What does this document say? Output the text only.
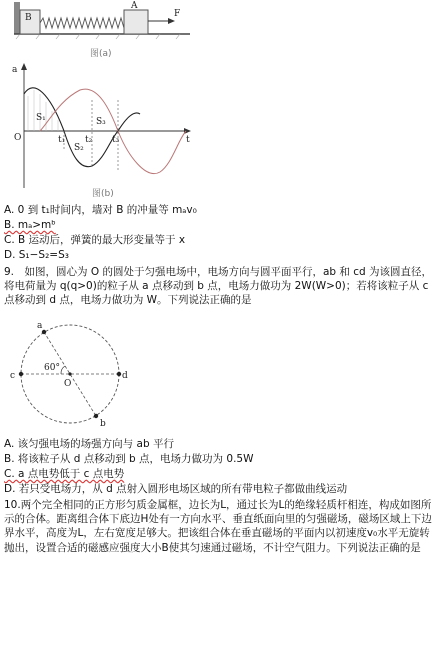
B
A
F
图(a)
a
t
O
S₁
S₂
S₃
t₁ t₂ t₃
图(b)
A. 0 到 t₁时间内，墙对 B 的冲量等 mₐv₀
B. mₐ>mᵇ
C. B 运动后，弹簧的最大形变量等于 x
D. S₁−S₂=S₃
9.　如图，圆心为 O 的圆处于匀强电场中，电场方向与圆平面平行，ab 和 cd 为该圆直径，将电荷量为 q(q>0)的粒子从 a 点移动到 b 点，电场力做功为 2W(W>0)；若将该粒子从 c 点移动到 d 点，电场力做功为 W。下列说法正确的是
a
b
c	d
O
60°
A. 该匀强电场的场强方向与 ab 平行
B. 将该粒子从 d 点移动到 b 点，电场力做功为 0.5W
C. a 点电势低于 c 点电势
D. 若只受电场力，从 d 点射入圆形电场区域的所有带电粒子都做曲线运动
10.两个完全相同的正方形匀质金属框，边长为L，通过长为L的绝缘轻质杆相连，构成如图所示的合体。距离组合体下底边H处有一方向水平、垂直纸面向里的匀强磁场，磁场区域上下边界水平，高度为L，左右宽度足够大。把该组合体在垂直磁场的平面内以初速度v₀水平无旋转抛出，设置合适的磁感应强度大小B使其匀速通过磁场，不计空气阻力。下列说法正确的是
